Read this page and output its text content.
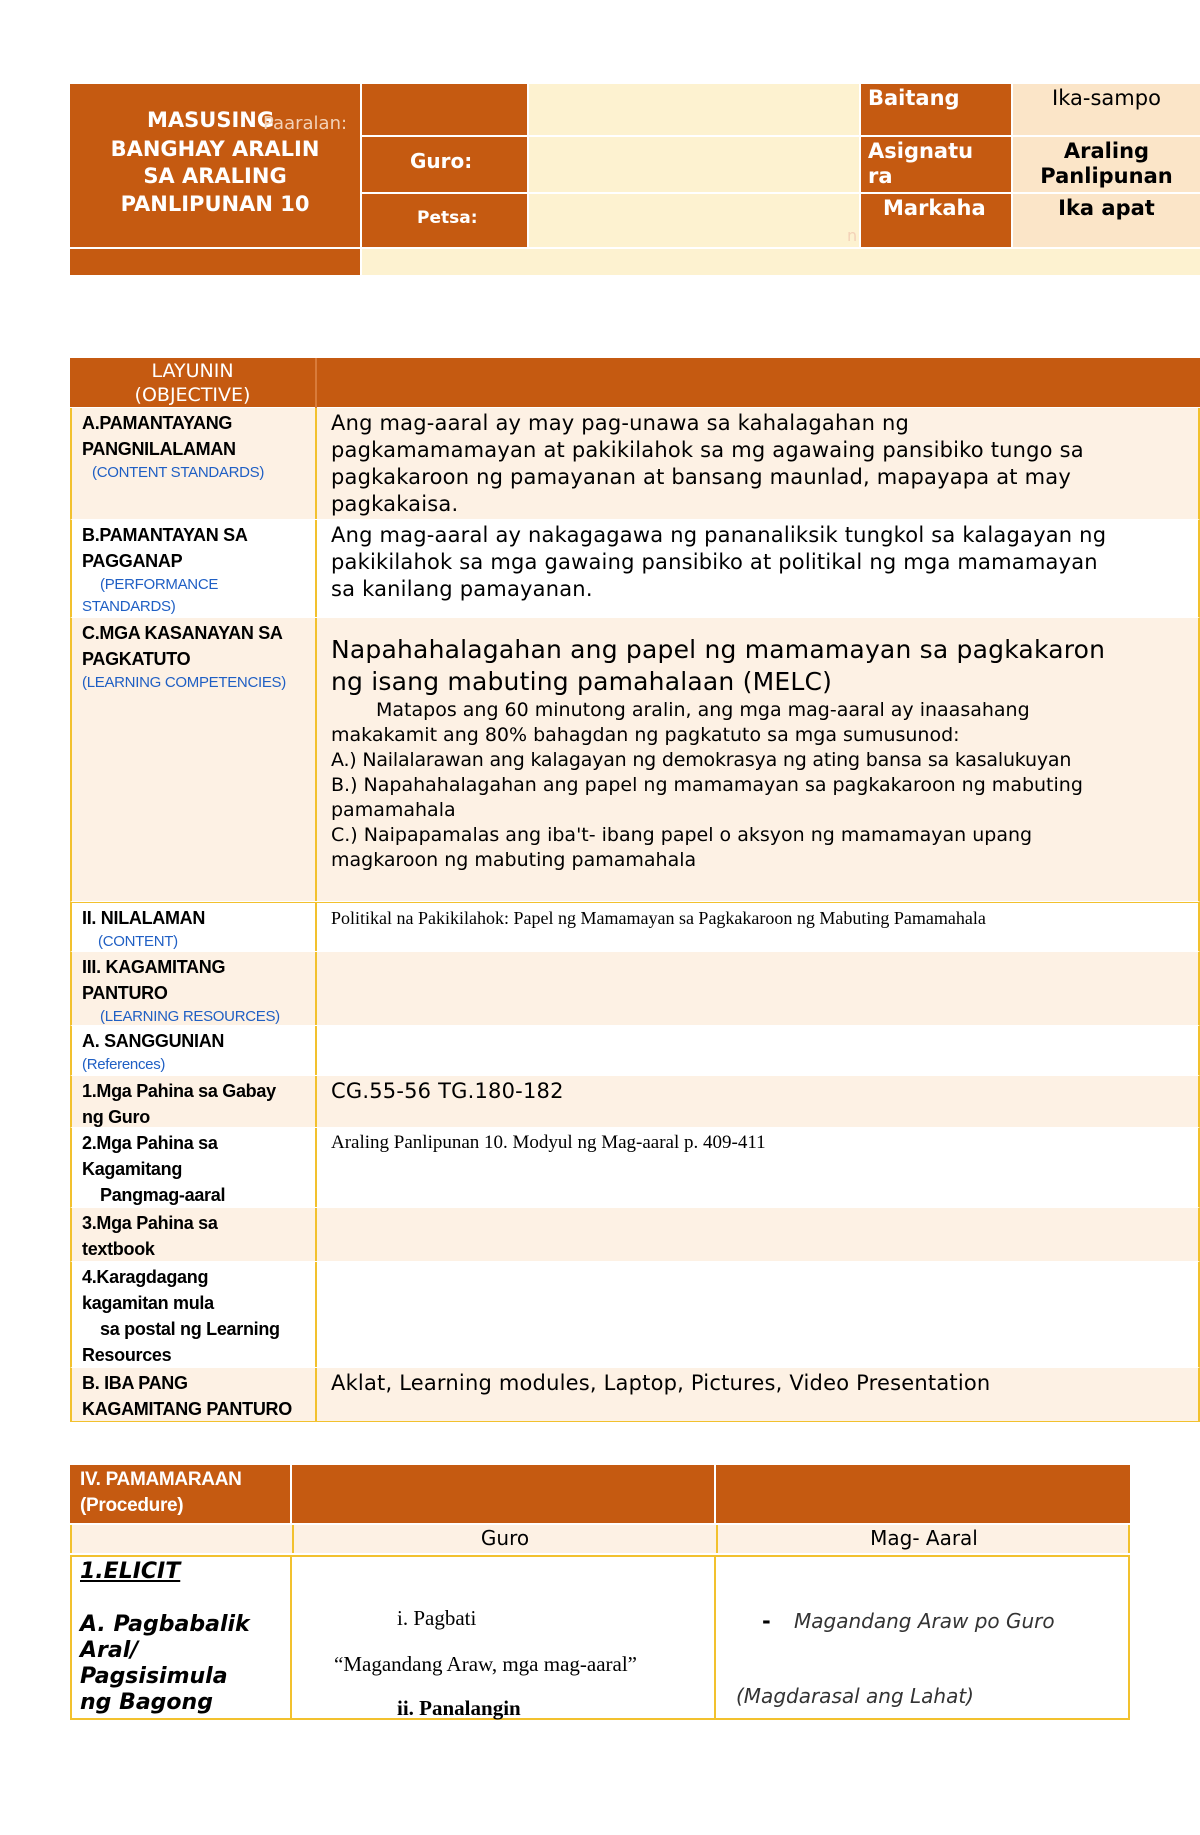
MASUSING
Paaralan:
BANGHAY ARALIN
SA ARALING
PANLIPUNAN 10
Guro:
Petsa:
n
Baitang
Asignatu
ra
Markaha
Ika-sampo
Araling
Panlipunan
Ika apat
LAYUNIN
(OBJECTIVE)
A.PAMANTAYANG
PANGNILALAMAN
(CONTENT STANDARDS)
Ang mag-aaral ay may pag-unawa sa kahalagahan ng
pagkamamamayan at pakikilahok sa mg agawaing pansibiko tungo sa
pagkakaroon ng pamayanan at bansang maunlad, mapayapa at may
pagkakaisa.
B.PAMANTAYAN SA
PAGGANAP
(PERFORMANCE
STANDARDS)
Ang mag-aaral ay nakagagawa ng pananaliksik tungkol sa kalagayan ng
pakikilahok sa mga gawaing pansibiko at politikal ng mga mamamayan
sa kanilang pamayanan.
C.MGA KASANAYAN SA
PAGKATUTO
(LEARNING COMPETENCIES)
Napahahalagahan ang papel ng mamamayan sa pagkakaron
ng isang mabuting pamahalaan (MELC)
Matapos ang 60 minutong aralin, ang mga mag-aaral ay inaasahang
makakamit ang 80% bahagdan ng pagkatuto sa mga sumusunod:
A.) Nailalarawan ang kalagayan ng demokrasya ng ating bansa sa kasalukuyan
B.) Napahahalagahan ang papel ng mamamayan sa pagkakaroon ng mabuting
pamamahala
C.) Naipapamalas ang iba't- ibang papel o aksyon ng mamamayan upang
magkaroon ng mabuting pamamahala
II. NILALAMAN
(CONTENT)
Politikal na Pakikilahok: Papel ng Mamamayan sa Pagkakaroon ng Mabuting Pamamahala
III. KAGAMITANG
PANTURO
(LEARNING RESOURCES)
A. SANGGUNIAN
(References)
1.Mga Pahina sa Gabay
ng Guro
CG.55-56 TG.180-182
2.Mga Pahina sa
Kagamitang
Pangmag-aaral
Araling Panlipunan 10. Modyul ng Mag-aaral p. 409-411
3.Mga Pahina sa
textbook
4.Karagdagang
kagamitan mula
sa postal ng Learning
Resources
B. IBA PANG
KAGAMITANG PANTURO
Aklat, Learning modules, Laptop, Pictures, Video Presentation
IV. PAMAMARAAN
(Procedure)
Guro	Mag- Aaral
1.ELICIT
A. Pagbabalik
Aral/
Pagsisimula
ng Bagong
i. Pagbati
“Magandang Araw, mga mag-aaral”
ii. Panalangin
- Magandang Araw po Guro
(Magdarasal ang Lahat)
